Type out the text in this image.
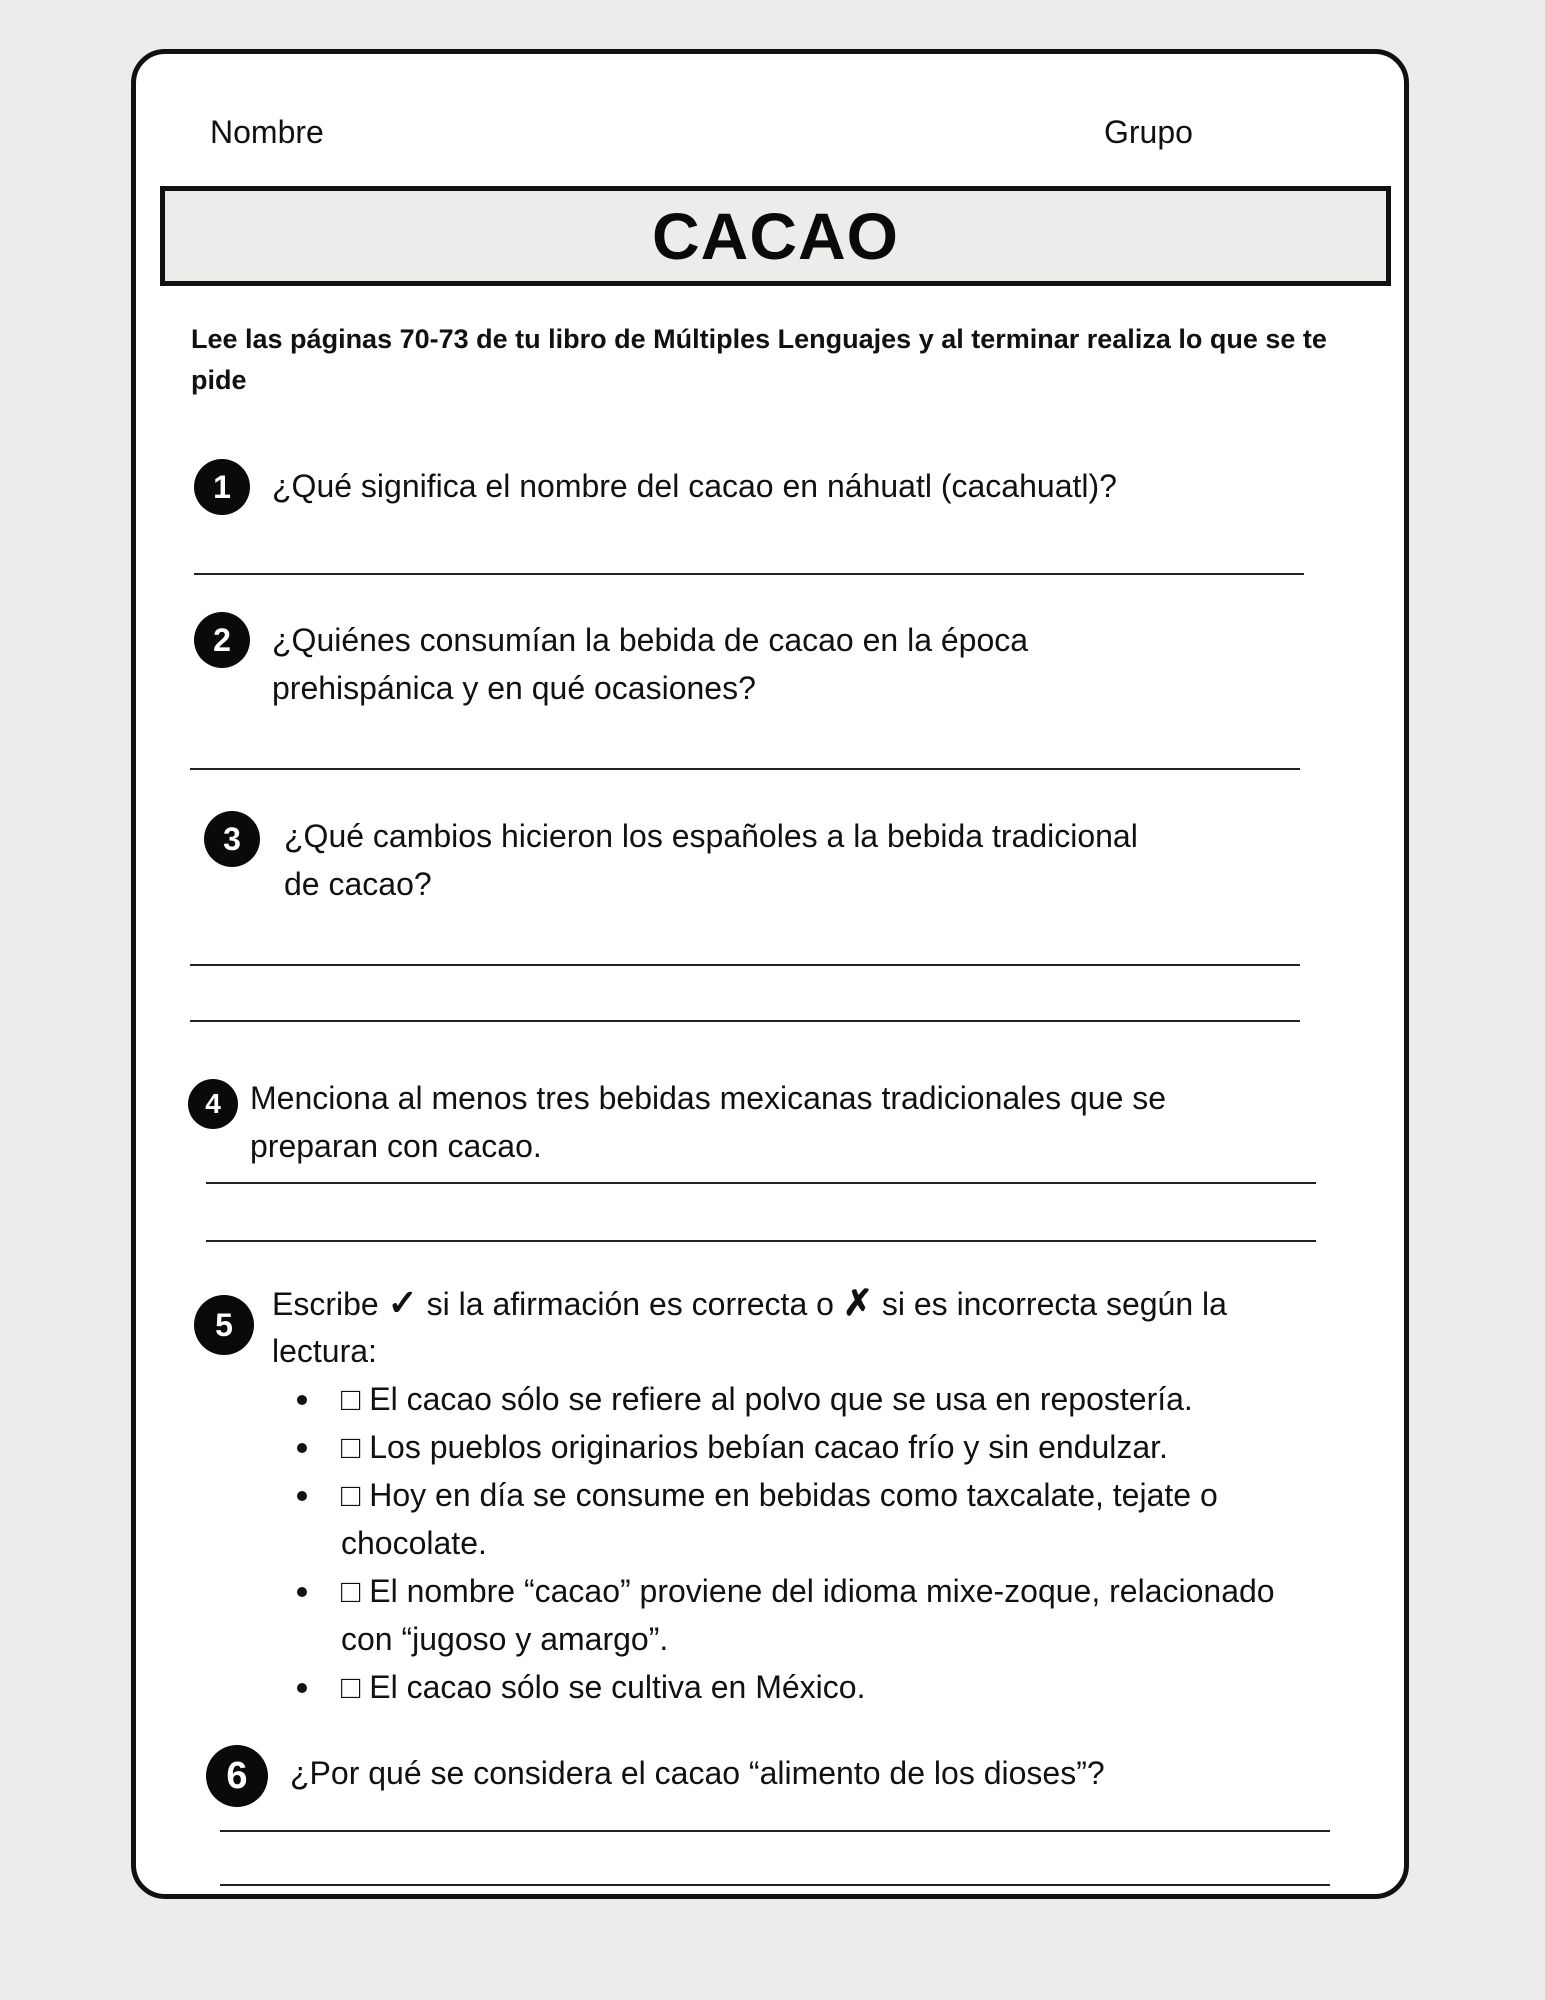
Nombre	Grupo
CACAO
Lee las páginas 70-73 de tu libro de Múltiples Lenguajes y al terminar realiza lo que se te pide
1	¿Qué significa el nombre del cacao en náhuatl (cacahuatl)?
2	¿Quiénes consumían la bebida de cacao en la época
prehispánica y en qué ocasiones?
3	¿Qué cambios hicieron los españoles a la bebida tradicional
de cacao?
4 Menciona al menos tres bebidas mexicanas tradicionales que se
preparan con cacao.
5
Escribe ✓ si la afirmación es correcta o ✗ si es incorrecta según la
lectura:
□ El cacao sólo se refiere al polvo que se usa en repostería.
□ Los pueblos originarios bebían cacao frío y sin endulzar.
□ Hoy en día se consume en bebidas como taxcalate, tejate o
chocolate.
□ El nombre “cacao” proviene del idioma mixe-zoque, relacionado
con “jugoso y amargo”.
□ El cacao sólo se cultiva en México.
6	¿Por qué se considera el cacao “alimento de los dioses”?
